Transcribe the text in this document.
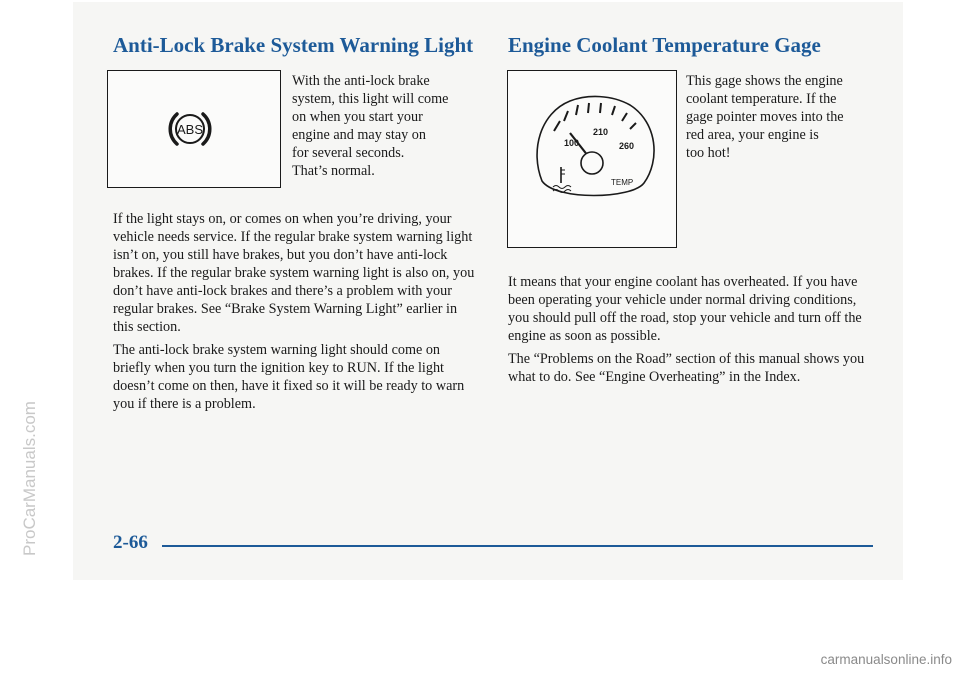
ProCarManuals.com
Anti-Lock Brake System Warning Light
ABS
With the anti-lock brake
system, this light will come
on when you start your
engine and may stay on
for several seconds.
That’s normal.

If the light stays on, or comes on when you’re driving, your vehicle needs service. If the regular brake system warning light isn’t on, you still have brakes, but you don’t have anti-lock brakes. If the regular brake system warning light is also on, you don’t have anti-lock brakes and there’s a problem with your regular brakes. See “Brake System Warning Light” earlier in this section.

The anti-lock brake system warning light should come on briefly when you turn the ignition key to RUN. If the light doesn’t come on then, have it fixed so it will be ready to warn you if there is a problem.

Engine Coolant Temperature Gage
100
210
260
TEMP
This gage shows the engine
coolant temperature. If the
gage pointer moves into the
red area, your engine is
too hot!

It means that your engine coolant has overheated. If you have been operating your vehicle under normal driving conditions, you should pull off the road, stop your vehicle and turn off the engine as soon as possible.

The “Problems on the Road” section of this manual shows you what to do. See “Engine Overheating” in the Index.

2-66
carmanualsonline.info
